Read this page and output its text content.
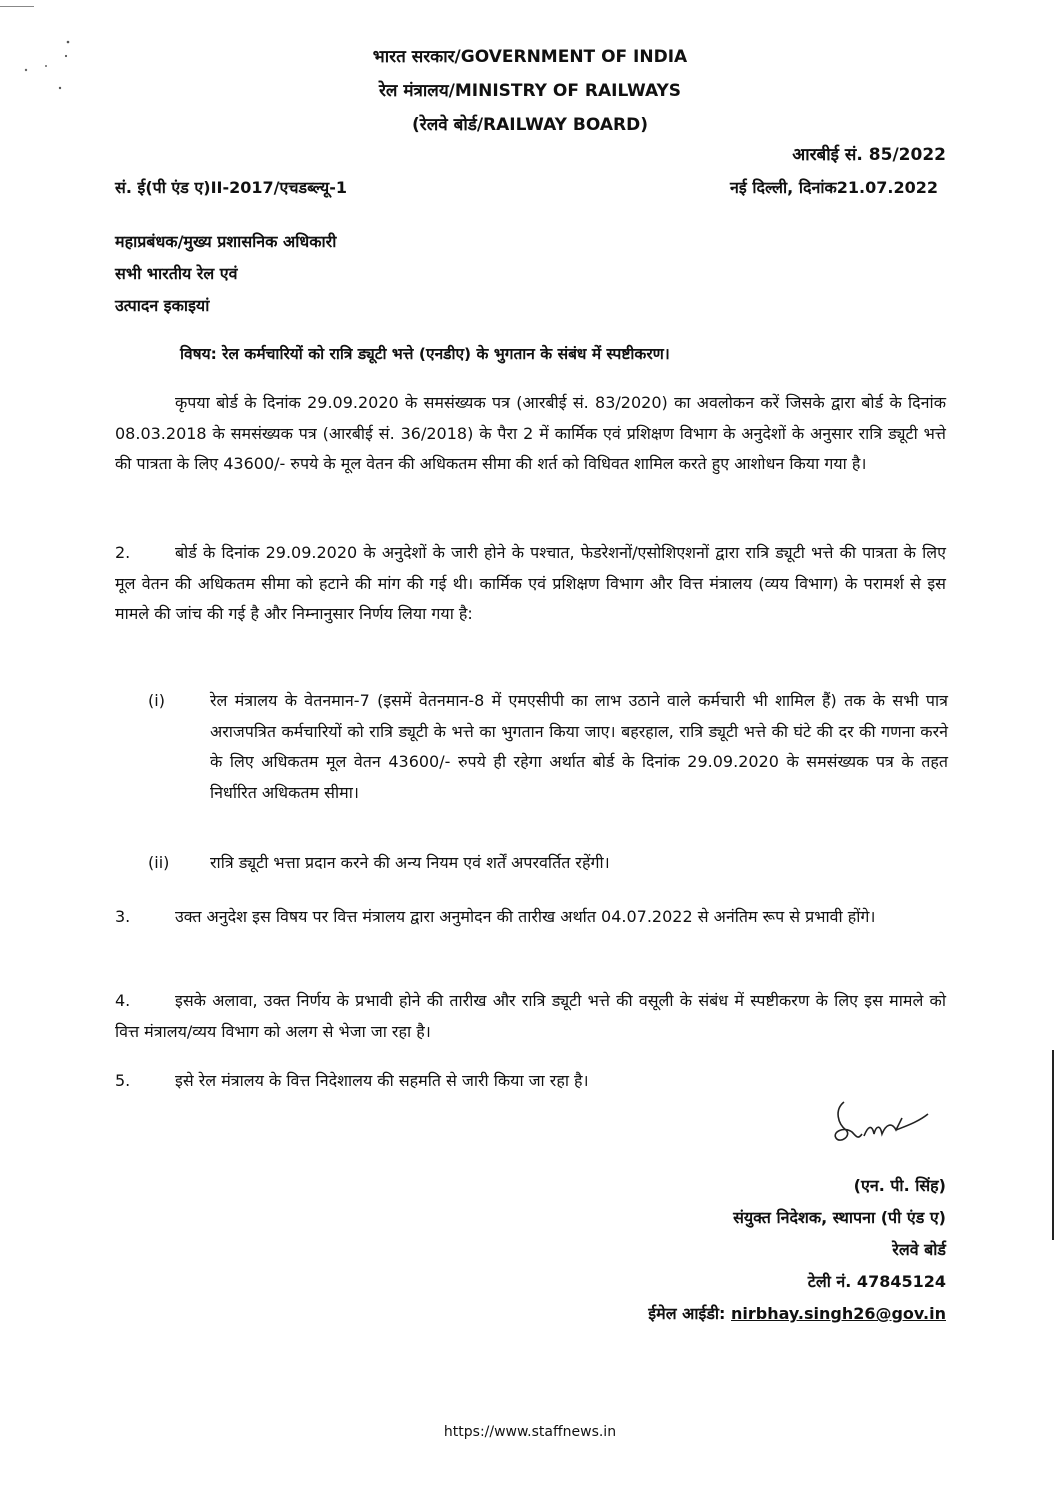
भारत सरकार/GOVERNMENT OF INDIA
रेल मंत्रालय/MINISTRY OF RAILWAYS
(रेलवे बोर्ड/RAILWAY BOARD)
आरबीई सं. 85/2022
सं. ई(पी एंड ए)II-2017/एचडब्ल्यू-1	नई दिल्ली, दिनांक21.07.2022
महाप्रबंधक/मुख्य प्रशासनिक अधिकारी
सभी भारतीय रेल एवं
उत्पादन इकाइयां
विषय: रेल कर्मचारियों को रात्रि ड्यूटी भत्ते (एनडीए) के भुगतान के संबंध में स्पष्टीकरण।
कृपया बोर्ड के दिनांक 29.09.2020 के समसंख्यक पत्र (आरबीई सं. 83/2020) का अवलोकन करें जिसके द्वारा बोर्ड के दिनांक 08.03.2018 के समसंख्यक पत्र (आरबीई सं. 36/2018) के पैरा 2 में कार्मिक एवं प्रशिक्षण विभाग के अनुदेशों के अनुसार रात्रि ड्यूटी भत्ते की पात्रता के लिए 43600/- रुपये के मूल वेतन की अधिकतम सीमा की शर्त को विधिवत शामिल करते हुए आशोधन किया गया है।
2.	बोर्ड के दिनांक 29.09.2020 के अनुदेशों के जारी होने के पश्चात, फेडरेशनों/एसोशिएशनों द्वारा रात्रि ड्यूटी भत्ते की पात्रता के लिए मूल वेतन की अधिकतम सीमा को हटाने की मांग की गई थी। कार्मिक एवं प्रशिक्षण विभाग और वित्त मंत्रालय (व्यय विभाग) के परामर्श से इस मामले की जांच की गई है और निम्नानुसार निर्णय लिया गया है:
(i)	रेल मंत्रालय के वेतनमान-7 (इसमें वेतनमान-8 में एमएसीपी का लाभ उठाने वाले कर्मचारी भी शामिल हैं) तक के सभी पात्र अराजपत्रित कर्मचारियों को रात्रि ड्यूटी के भत्ते का भुगतान किया जाए। बहरहाल, रात्रि ड्यूटी भत्ते की घंटे की दर की गणना करने के लिए अधिकतम मूल वेतन 43600/- रुपये ही रहेगा अर्थात बोर्ड के दिनांक 29.09.2020 के समसंख्यक पत्र के तहत निर्धारित अधिकतम सीमा।
(ii)	रात्रि ड्यूटी भत्ता प्रदान करने की अन्य नियम एवं शर्तें अपरवर्तित रहेंगी।
3.	उक्त अनुदेश इस विषय पर वित्त मंत्रालय द्वारा अनुमोदन की तारीख अर्थात 04.07.2022 से अनंतिम रूप से प्रभावी होंगे।
4.	इसके अलावा, उक्त निर्णय के प्रभावी होने की तारीख और रात्रि ड्यूटी भत्ते की वसूली के संबंध में स्पष्टीकरण के लिए इस मामले को वित्त मंत्रालय/व्यय विभाग को अलग से भेजा जा रहा है।
5.	इसे रेल मंत्रालय के वित्त निदेशालय की सहमति से जारी किया जा रहा है।
(एन. पी. सिंह)
संयुक्त निदेशक, स्थापना (पी एंड ए)
रेलवे बोर्ड
टेली नं. 47845124
ईमेल आईडी: nirbhay.singh26@gov.in
https://www.staffnews.in
